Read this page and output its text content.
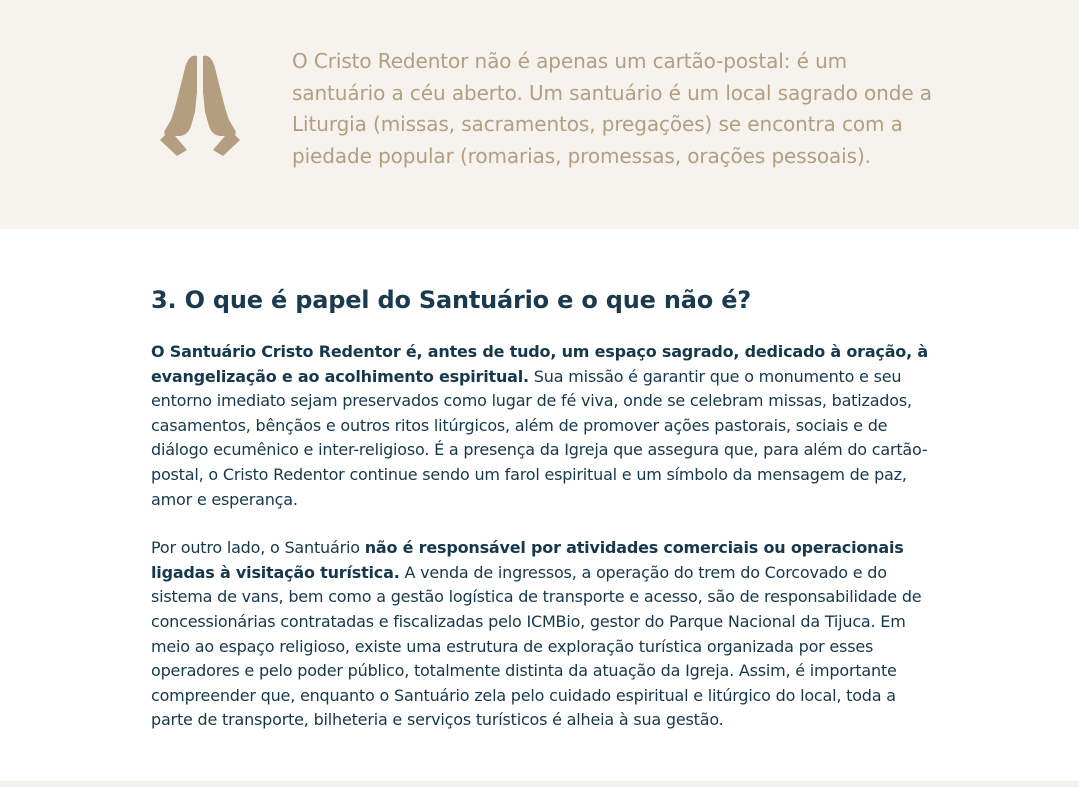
O Cristo Redentor não é apenas um cartão-postal: é um santuário a céu aberto. Um santuário é um local sagrado onde a Liturgia (missas, sacramentos, pregações) se encontra com a piedade popular (romarias, promessas, orações pessoais).

3. O que é papel do Santuário e o que não é?

O Santuário Cristo Redentor é, antes de tudo, um espaço sagrado, dedicado à oração, à evangelização e ao acolhimento espiritual. Sua missão é garantir que o monumento e seu entorno imediato sejam preservados como lugar de fé viva, onde se celebram missas, batizados, casamentos, bênçãos e outros ritos litúrgicos, além de promover ações pastorais, sociais e de diálogo ecumênico e inter-religioso. É a presença da Igreja que assegura que, para além do cartão-postal, o Cristo Redentor continue sendo um farol espiritual e um símbolo da mensagem de paz, amor e esperança.

Por outro lado, o Santuário não é responsável por atividades comerciais ou operacionais ligadas à visitação turística. A venda de ingressos, a operação do trem do Corcovado e do sistema de vans, bem como a gestão logística de transporte e acesso, são de responsabilidade de concessionárias contratadas e fiscalizadas pelo ICMBio, gestor do Parque Nacional da Tijuca. Em meio ao espaço religioso, existe uma estrutura de exploração turística organizada por esses operadores e pelo poder público, totalmente distinta da atuação da Igreja. Assim, é importante compreender que, enquanto o Santuário zela pelo cuidado espiritual e litúrgico do local, toda a parte de transporte, bilheteria e serviços turísticos é alheia à sua gestão.
